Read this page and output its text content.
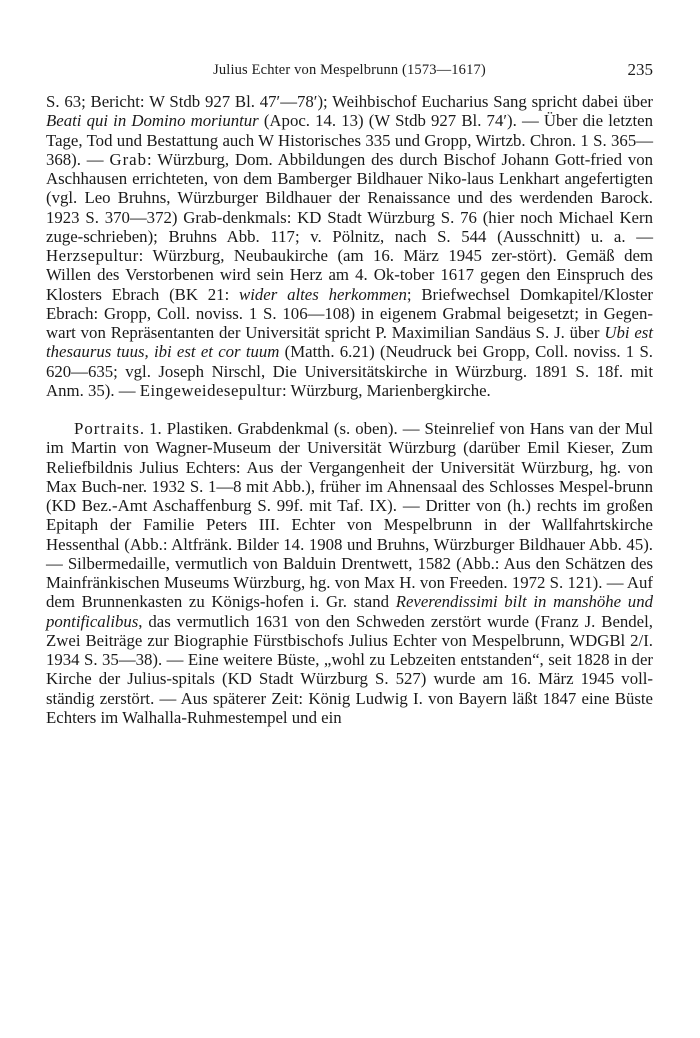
Julius Echter von Mespelbrunn (1573—1617)	235

S. 63; Bericht: W Stdb 927 Bl. 47′—78′); Weihbischof Eucharius Sang spricht dabei über Beati qui in Domino moriuntur (Apoc. 14. 13) (W Stdb 927 Bl. 74′). — Über die letzten Tage, Tod und Bestattung auch W Historisches 335 und Gropp, Wirtzb. Chron. 1 S. 365—368). — Grab: Würzburg, Dom. Abbildungen des durch Bischof Johann Gott-fried von Aschhausen errichteten, von dem Bamberger Bildhauer Niko-laus Lenkhart angefertigten (vgl. Leo Bruhns, Würzburger Bildhauer der Renaissance und des werdenden Barock. 1923 S. 370—372) Grab-denkmals: KD Stadt Würzburg S. 76 (hier noch Michael Kern zuge-schrieben); Bruhns Abb. 117; v. Pölnitz, nach S. 544 (Ausschnitt) u. a. — Herzsepultur: Würzburg, Neubaukirche (am 16. März 1945 zer-stört). Gemäß dem Willen des Verstorbenen wird sein Herz am 4. Ok-tober 1617 gegen den Einspruch des Klosters Ebrach (BK 21: wider altes herkommen; Briefwechsel Domkapitel/Kloster Ebrach: Gropp, Coll. noviss. 1 S. 106—108) in eigenem Grabmal beigesetzt; in Gegen-wart von Repräsentanten der Universität spricht P. Maximilian Sandäus S. J. über Ubi est thesaurus tuus, ibi est et cor tuum (Matth. 6.21) (Neudruck bei Gropp, Coll. noviss. 1 S. 620—635; vgl. Joseph Nirschl, Die Universitätskirche in Würzburg. 1891 S. 18f. mit Anm. 35). — Eingeweidesepultur: Würzburg, Marienbergkirche.

Portraits. 1. Plastiken. Grabdenkmal (s. oben). — Steinrelief von Hans van der Mul im Martin von Wagner-Museum der Universität Würzburg (darüber Emil Kieser, Zum Reliefbildnis Julius Echters: Aus der Vergangenheit der Universität Würzburg, hg. von Max Buch-ner. 1932 S. 1—8 mit Abb.), früher im Ahnensaal des Schlosses Mespel-brunn (KD Bez.-Amt Aschaffenburg S. 99f. mit Taf. IX). — Dritter von (h.) rechts im großen Epitaph der Familie Peters III. Echter von Mespelbrunn in der Wallfahrtskirche Hessenthal (Abb.: Altfränk. Bilder 14. 1908 und Bruhns, Würzburger Bildhauer Abb. 45). — Silbermedaille, vermutlich von Balduin Drentwett, 1582 (Abb.: Aus den Schätzen des Mainfränkischen Museums Würzburg, hg. von Max H. von Freeden. 1972 S. 121). — Auf dem Brunnenkasten zu Königs-hofen i. Gr. stand Reverendissimi bilt in manshöhe und pontificalibus, das vermutlich 1631 von den Schweden zerstört wurde (Franz J. Bendel, Zwei Beiträge zur Biographie Fürstbischofs Julius Echter von Mespelbrunn, WDGBl 2/I. 1934 S. 35—38). — Eine weitere Büste, „wohl zu Lebzeiten entstanden“, seit 1828 in der Kirche der Julius-spitals (KD Stadt Würzburg S. 527) wurde am 16. März 1945 voll-ständig zerstört. — Aus späterer Zeit: König Ludwig I. von Bayern läßt 1847 eine Büste Echters im Walhalla-Ruhmestempel und ein
